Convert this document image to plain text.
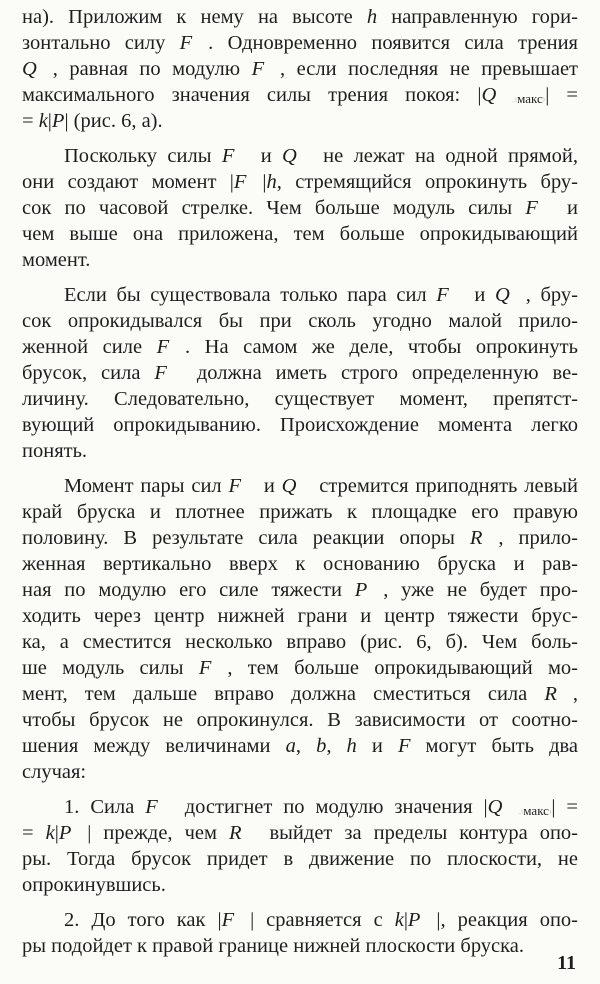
на). Приложим к нему на высоте h направленную гори-
зонтально силу F⃗. Одновременно появится сила трения
Q⃗, равная по модулю F⃗, если последняя не превышает
максимального значения силы трения покоя: $|Q⃗\_\{_{макс}\}|$ =
= k|P| (рис. 6, а).
Поскольку силы F⃗ и Q⃗ не лежат на одной прямой,
они создают момент |F⃗|h, стремящийся опрокинуть бру-
сок по часовой стрелке. Чем больше модуль силы F⃗ и
чем выше она приложена, тем больше опрокидывающий
момент.
Если бы существовала только пара сил F⃗ и Q⃗, бру-
сок опрокидывался бы при сколь угодно малой прило-
женной силе F⃗. На самом же деле, чтобы опрокинуть
брусок, сила F⃗ должна иметь строго определенную ве-
личину. Следовательно, существует момент, препятст-
вующий опрокидыванию. Происхождение момента легко
понять.
Момент пары сил F⃗ и Q⃗ стремится приподнять левый
край бруска и плотнее прижать к площадке его правую
половину. В результате сила реакции опоры R⃗, прило-
женная вертикально вверх к основанию бруска и рав-
ная по модулю его силе тяжести P⃗, уже не будет про-
ходить через центр нижней грани и центр тяжести брус-
ка, а сместится несколько вправо (рис. 6, б). Чем боль-
ше модуль силы F⃗, тем больше опрокидывающий мо-
мент, тем дальше вправо должна сместиться сила R⃗,
чтобы брусок не опрокинулся. В зависимости от соотно-
шения между величинами a, b, h и F могут быть два
случая:
1. Сила F⃗ достигнет по модулю значения $|Q⃗\_\{_{макс}\}|$ =
= k|P⃗| прежде, чем R⃗ выйдет за пределы контура опо-
ры. Тогда брусок придет в движение по плоскости, не
опрокинувшись.
2. До того как |F⃗| сравняется с k|P⃗|, реакция опо-
ры подойдет к правой границе нижней плоскости бруска.
11
